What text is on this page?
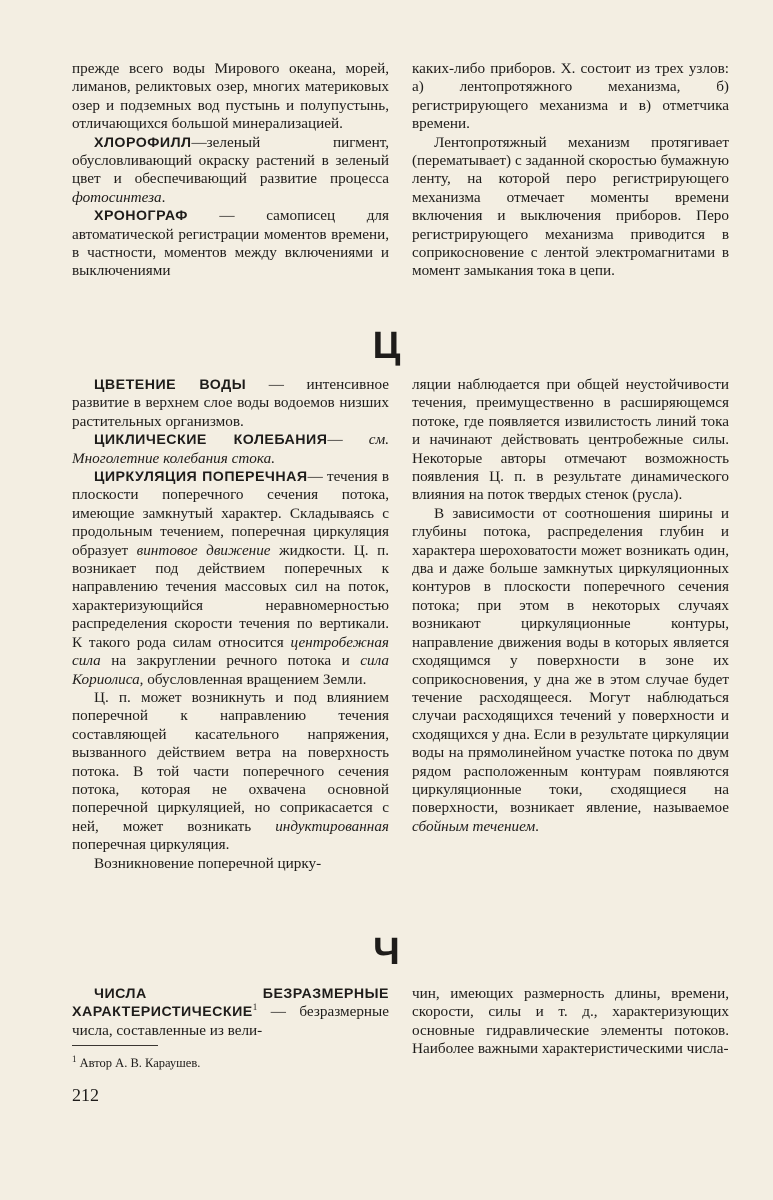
прежде всего воды Мирового океана, морей, лиманов, реликтовых озер, многих материковых озер и подземных вод пустынь и полупустынь, отличающихся большой минерализацией.

ХЛОРОФИЛЛ—зеленый пигмент, обусловливающий окраску растений в зеленый цвет и обеспечивающий развитие процесса фотосинтеза.

ХРОНОГРАФ — самописец для автоматической регистрации моментов времени, в частности, моментов между включениями и выключениями

каких-либо приборов. Х. состоит из трех узлов: а) лентопротяжного механизма, б) регистрирующего механизма и в) отметчика времени.

Лентопротяжный механизм протягивает (перематывает) с заданной скоростью бумажную ленту, на которой перо регистрирующего механизма отмечает моменты времени включения и выключения приборов. Перо регистрирующего механизма приводится в соприкосновение с лентой электромагнитами в момент замыкания тока в цепи.

Ц

ЦВЕТЕНИЕ ВОДЫ — интенсивное развитие в верхнем слое воды водоемов низших растительных организмов.

ЦИКЛИЧЕСКИЕ КОЛЕБАНИЯ— см. Многолетние колебания стока.

ЦИРКУЛЯЦИЯ ПОПЕРЕЧНАЯ— течения в плоскости поперечного сечения потока, имеющие замкнутый характер. Складываясь с продольным течением, поперечная циркуляция образует винтовое движение жидкости. Ц. п. возникает под действием поперечных к направлению течения массовых сил на поток, характеризующийся неравномерностью распределения скорости течения по вертикали. К такого рода силам относится центробежная сила на закруглении речного потока и сила Кориолиса, обусловленная вращением Земли.

Ц. п. может возникнуть и под влиянием поперечной к направлению течения составляющей касательного напряжения, вызванного действием ветра на поверхность потока. В той части поперечного сечения потока, которая не охвачена основной поперечной циркуляцией, но соприкасается с ней, может возникать индуктированная поперечная циркуляция.

Возникновение поперечной цирку-

ляции наблюдается при общей неустойчивости течения, преимущественно в расширяющемся потоке, где появляется извилистость линий тока и начинают действовать центробежные силы. Некоторые авторы отмечают возможность появления Ц. п. в результате динамического влияния на поток твердых стенок (русла).

В зависимости от соотношения ширины и глубины потока, распределения глубин и характера шероховатости может возникать один, два и даже больше замкнутых циркуляционных контуров в плоскости поперечного сечения потока; при этом в некоторых случаях возникают циркуляционные контуры, направление движения воды в которых является сходящимся у поверхности в зоне их соприкосновения, у дна же в этом случае будет течение расходящееся. Могут наблюдаться случаи расходящихся течений у поверхности и сходящихся у дна. Если в результате циркуляции воды на прямолинейном участке потока по двум рядом расположенным контурам появляются циркуляционные токи, сходящиеся на поверхности, возникает явление, называемое сбойным течением.

Ч

ЧИСЛА БЕЗРАЗМЕРНЫЕ ХАРАКТЕРИСТИЧЕСКИЕ$^1$ — безразмерные числа, составленные из вели-

чин, имеющих размерность длины, времени, скорости, силы и т. д., характеризующих основные гидравлические элементы потоков. Наиболее важными характеристическими числа-

$^1$ Автор А. В. Караушев.
212
